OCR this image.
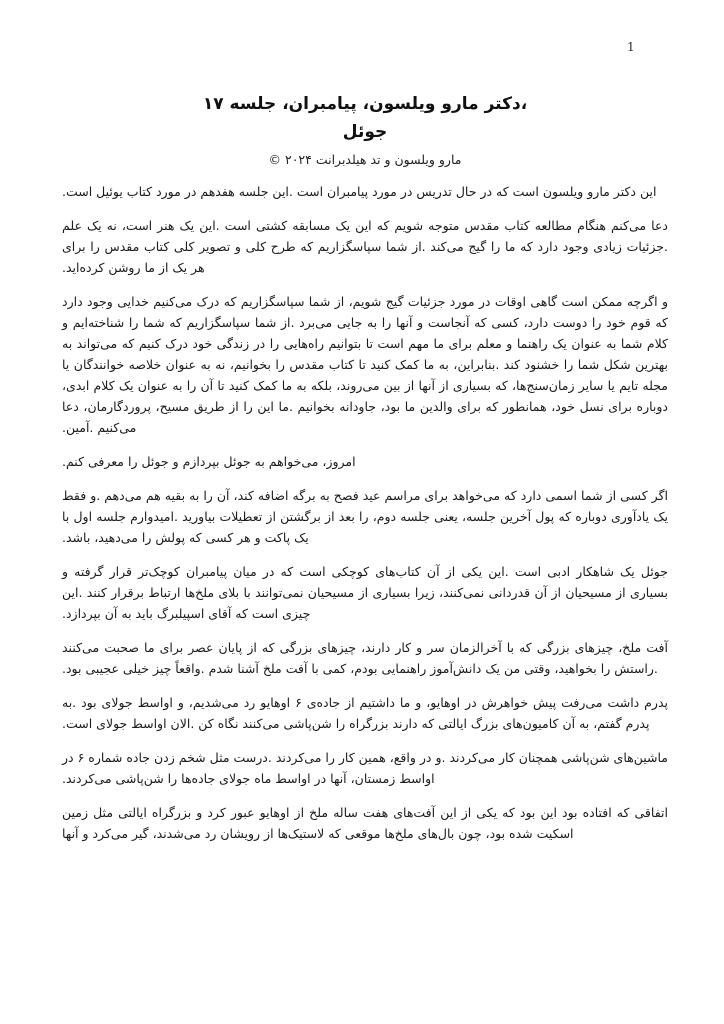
1
،دکتر مارو ویلسون، پیامبران، جلسه ۱۷
جوئل
مارو ویلسون و تد هیلدبرانت ۲۰۲۴ ©

این دکتر مارو ویلسون است که در حال تدریس در مورد پیامبران است .این جلسه هفدهم در مورد کتاب یوئیل است.

دعا می‌کنم هنگام مطالعه کتاب مقدس متوجه شویم که این یک مسابقه کشتی است .این یک هنر است، نه یک علم .جزئیات زیادی وجود دارد که ما را گیج می‌کند .از شما سپاسگزاریم که طرح کلی و تصویر کلی کتاب مقدس را برای هر یک از ما روشن کرده‌اید.

و اگرچه ممکن است گاهی اوقات در مورد جزئیات گیج شویم، از شما سپاسگزاریم که درک می‌کنیم خدایی وجود دارد که قوم خود را دوست دارد، کسی که آنجاست و آنها را به جایی می‌برد .از شما سپاسگزاریم که شما را شناخته‌ایم و کلام شما به عنوان یک راهنما و معلم برای ما مهم است تا بتوانیم راه‌هایی را در زندگی خود درک کنیم که می‌تواند به بهترین شکل شما را خشنود کند .بنابراین، به ما کمک کنید تا کتاب مقدس را بخوانیم، نه به عنوان خلاصه خوانندگان یا مجله تایم یا سایر زمان‌سنج‌ها، که بسیاری از آنها از بین می‌روند، بلکه به ما کمک کنید تا آن را به عنوان یک کلام ابدی، دوباره برای نسل خود، همانطور که برای والدین ما بود، جاودانه بخوانیم .ما این را از طریق مسیح، پروردگارمان، دعا می‌کنیم .آمین.

امروز، می‌خواهم به جوئل بپردازم و جوئل را معرفی کنم.

اگر کسی از شما اسمی دارد که می‌خواهد برای مراسم عید فصح به برگه اضافه کند، آن را به بقیه هم می‌دهم .و فقط یک یادآوری دوباره که پول آخرین جلسه، یعنی جلسه دوم، را بعد از برگشتن از تعطیلات بیاورید .امیدوارم جلسه اول با یک پاکت و هر کسی که پولش را می‌دهید، باشد.

جوئل یک شاهکار ادبی است .این یکی از آن کتاب‌های کوچکی است که در میان پیامبران کوچک‌تر قرار گرفته و بسیاری از مسیحیان از آن قدردانی نمی‌کنند، زیرا بسیاری از مسیحیان نمی‌توانند با بلای ملخ‌ها ارتباط برقرار کنند .این چیزی است که آقای اسپیلبرگ باید به آن بپردازد.

آفت ملخ، چیزهای بزرگی که با آخرالزمان سر و کار دارند، چیزهای بزرگی که از پایان عصر برای ما صحبت می‌کنند .راستش را بخواهید، وقتی من یک دانش‌آموز راهنمایی بودم، کمی با آفت ملخ آشنا شدم .واقعاً چیز خیلی عجیبی بود.

پدرم داشت می‌رفت پیش خواهرش در اوهایو، و ما داشتیم از جاده‌ی ۶ اوهایو رد می‌شدیم، و اواسط جولای بود .به پدرم گفتم، به آن کامیون‌های بزرگ ایالتی که دارند بزرگراه را شن‌پاشی می‌کنند نگاه کن .الان اواسط جولای است.

ماشین‌های شن‌پاشی همچنان کار می‌کردند .و در واقع، همین کار را می‌کردند .درست مثل شخم زدن جاده شماره ۶ در اواسط زمستان، آنها در اواسط ماه جولای جاده‌ها را شن‌پاشی می‌کردند.

اتفاقی که افتاده بود این بود که یکی از این آفت‌های هفت ساله ملخ از اوهایو عبور کرد و بزرگراه ایالتی مثل زمین اسکیت شده بود، چون بال‌های ملخ‌ها موقعی که لاستیک‌ها از رویشان رد می‌شدند، گیر می‌کرد و آنها
